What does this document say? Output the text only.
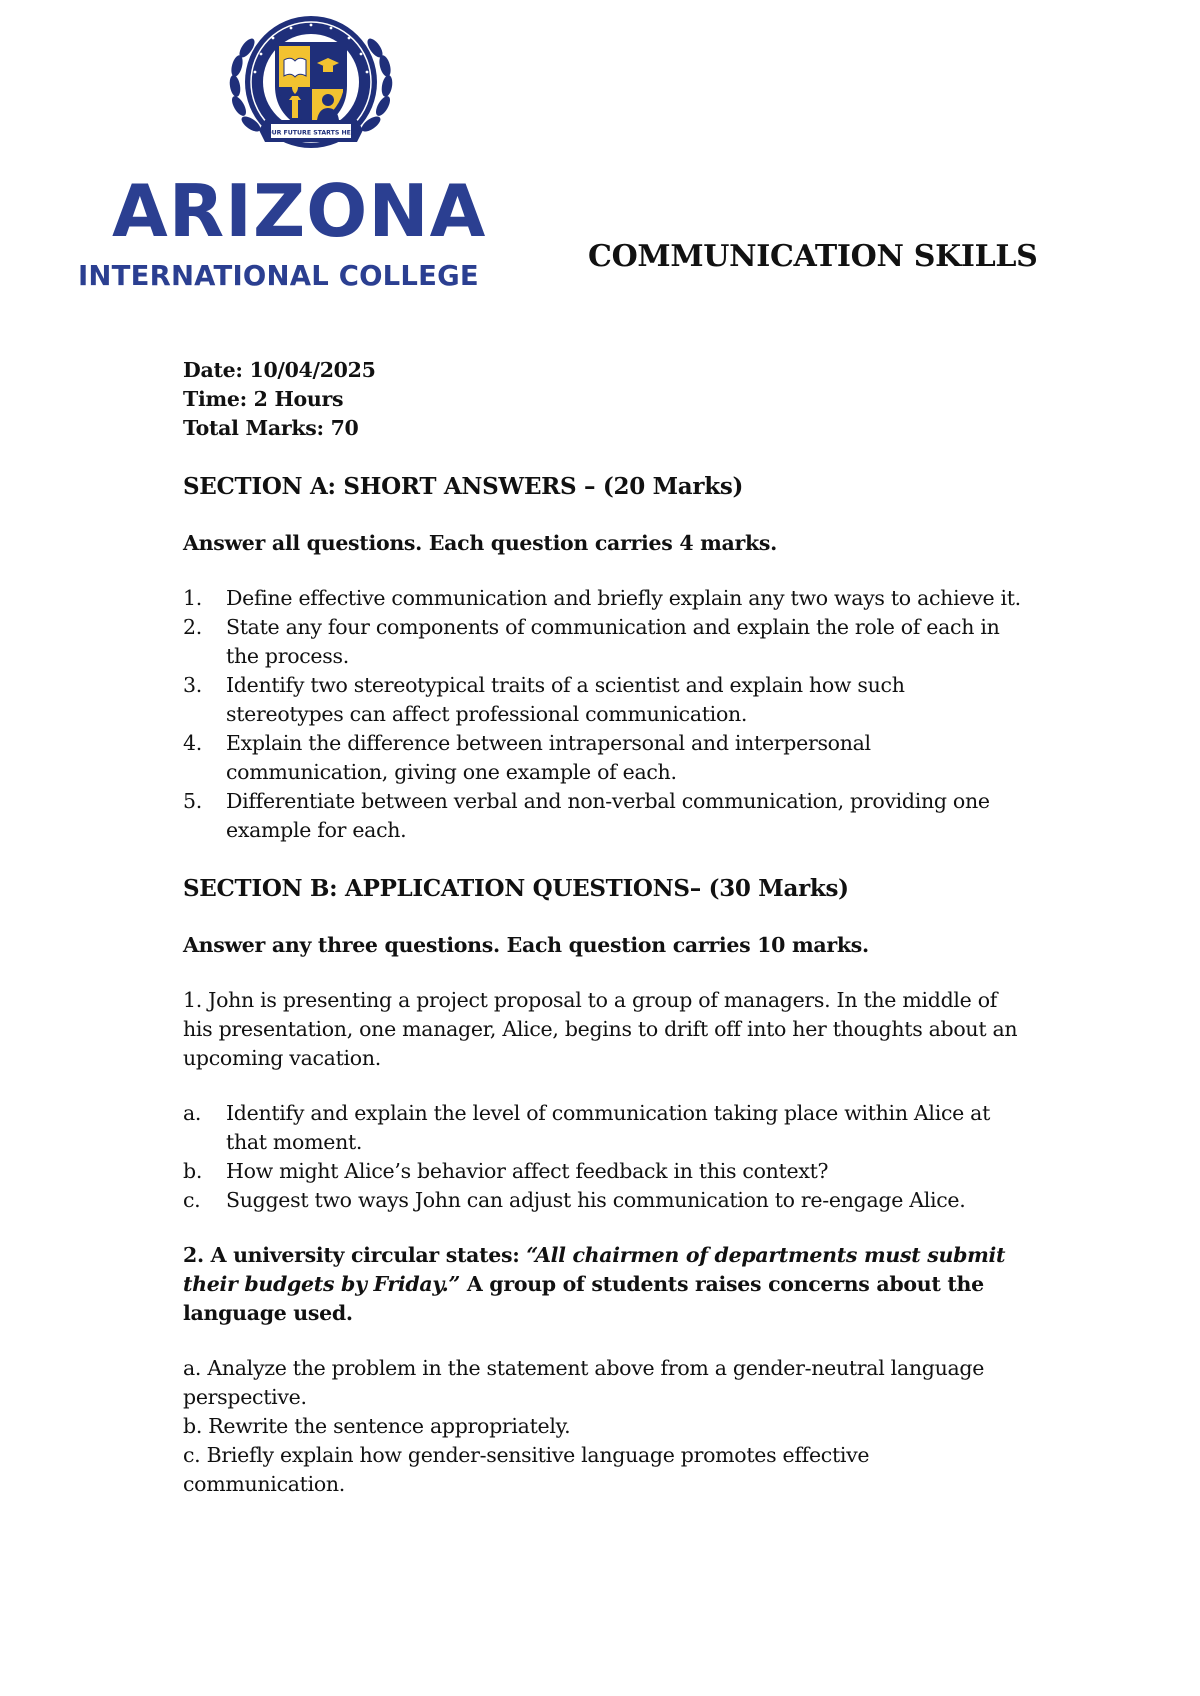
YOUR FUTURE STARTS HERE
ARIZONA
INTERNATIONAL COLLEGE
COMMUNICATION SKILLS

Date: 10/04/2025

Time: 2 Hours

Total Marks: 70

SECTION A: SHORT ANSWERS – (20 Marks)

Answer all questions. Each question carries 4 marks.

1. Define effective communication and briefly explain any two ways to achieve it.
2. State any four components of communication and explain the role of each in the process.
3. Identify two stereotypical traits of a scientist and explain how such stereotypes can affect professional communication.
4. Explain the difference between intrapersonal and interpersonal communication, giving one example of each.
5. Differentiate between verbal and non-verbal communication, providing one example for each.

SECTION B: APPLICATION QUESTIONS– (30 Marks)

Answer any three questions. Each question carries 10 marks.

1. John is presenting a project proposal to a group of managers. In the middle of his presentation, one manager, Alice, begins to drift off into her thoughts about an upcoming vacation.

a. Identify and explain the level of communication taking place within Alice at that moment.
b. How might Alice’s behavior affect feedback in this context?
c. Suggest two ways John can adjust his communication to re-engage Alice.

2. A university circular states: “All chairmen of departments must submit their budgets by Friday.” A group of students raises concerns about the language used.

a. Analyze the problem in the statement above from a gender-neutral language perspective.

b. Rewrite the sentence appropriately.

c. Briefly explain how gender-sensitive language promotes effective communication.
